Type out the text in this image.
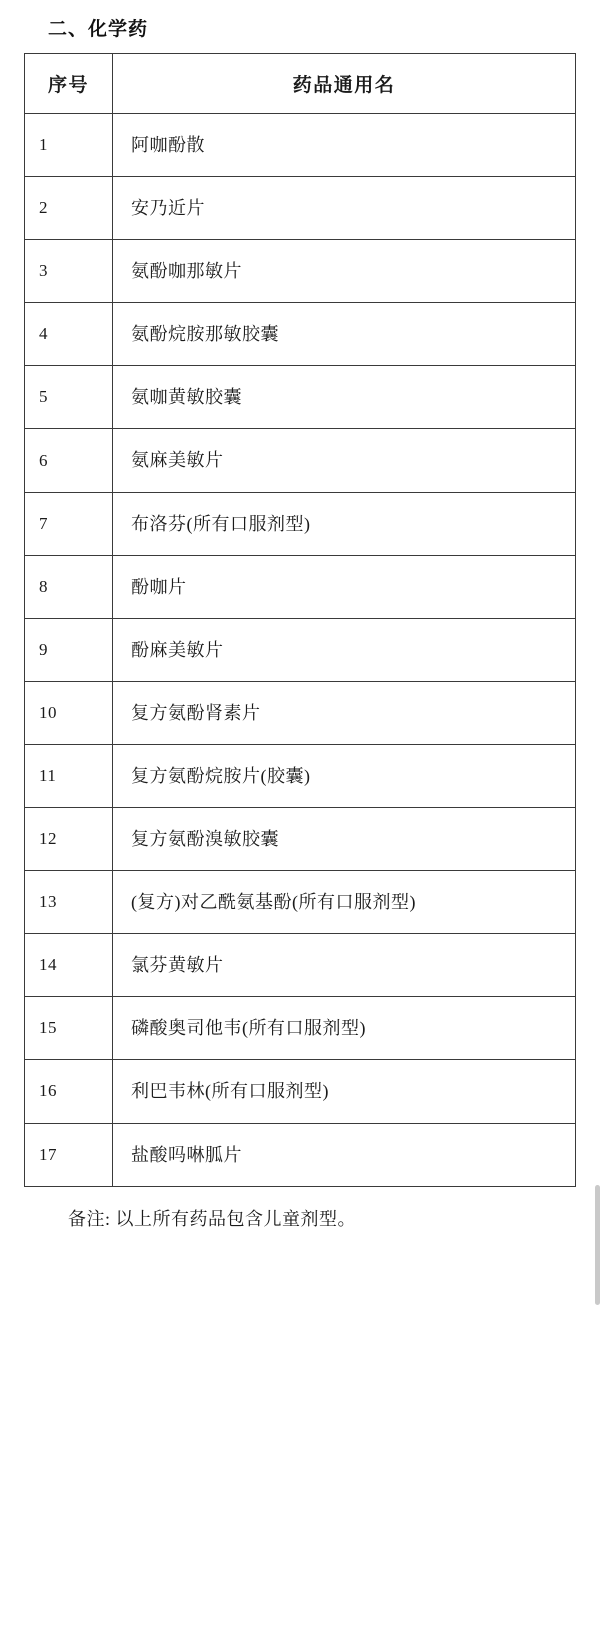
二、化学药
序号	药品通用名
1	阿咖酚散
2	安乃近片
3	氨酚咖那敏片
4	氨酚烷胺那敏胶囊
5	氨咖黄敏胶囊
6	氨麻美敏片
7	布洛芬(所有口服剂型)
8	酚咖片
9	酚麻美敏片
10	复方氨酚肾素片
11	复方氨酚烷胺片(胶囊)
12	复方氨酚溴敏胶囊
13	(复方)对乙酰氨基酚(所有口服剂型)
14	氯芬黄敏片
15	磷酸奥司他韦(所有口服剂型)
16	利巴韦林(所有口服剂型)
17	盐酸吗啉胍片
备注: 以上所有药品包含儿童剂型。
